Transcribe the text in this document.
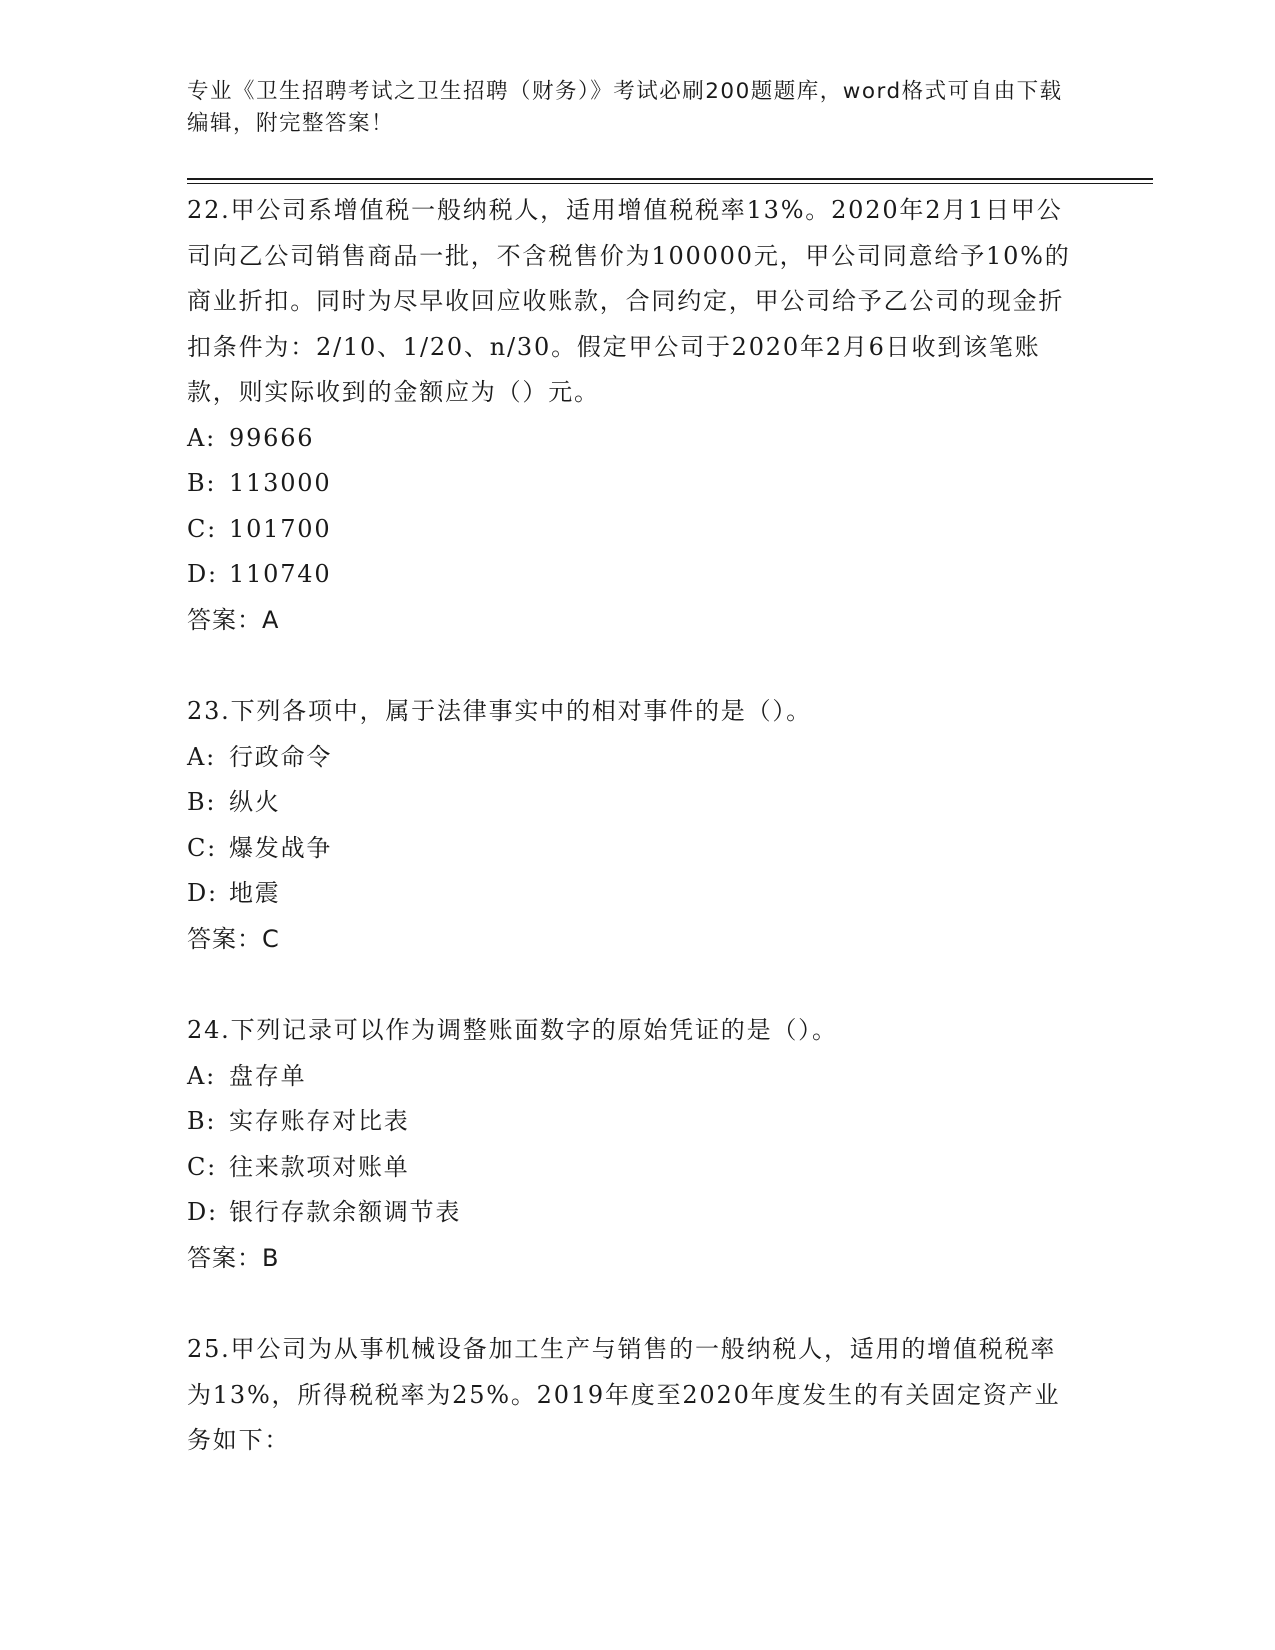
专业《卫生招聘考试之卫生招聘（财务）》考试必刷200题题库，word格式可自由下载编辑，附完整答案！

22.甲公司系增值税一般纳税人，适用增值税税率13%。2020年2月1日甲公司向乙公司销售商品一批，不含税售价为100000元，甲公司同意给予10%的商业折扣。同时为尽早收回应收账款，合同约定，甲公司给予乙公司的现金折扣条件为：2/10、1/20、n/30。假定甲公司于2020年2月6日收到该笔账款，则实际收到的金额应为（）元。

A: 99666

B: 113000

C: 101700

D: 110740

答案：A

23.下列各项中，属于法律事实中的相对事件的是（）。

A: 行政命令

B: 纵火

C: 爆发战争

D: 地震

答案：C

24.下列记录可以作为调整账面数字的原始凭证的是（）。

A: 盘存单

B: 实存账存对比表

C: 往来款项对账单

D: 银行存款余额调节表

答案：B

25.甲公司为从事机械设备加工生产与销售的一般纳税人，适用的增值税税率为13%，所得税税率为25%。2019年度至2020年度发生的有关固定资产业务如下：
